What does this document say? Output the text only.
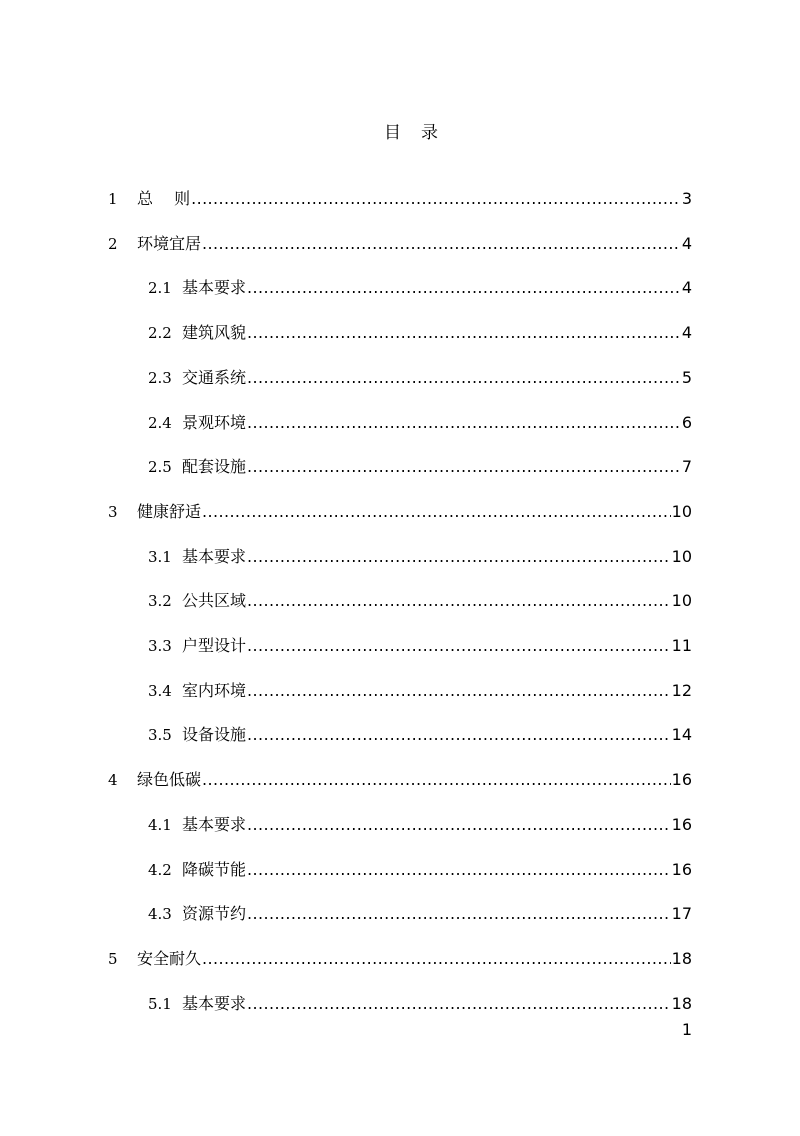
目 录
1	总 则 .....	3
2	环境宜居 .....	4
2.1 基本要求 .....	4
2.2 建筑风貌 .....	4
2.3 交通系统 .....	5
2.4 景观环境 .....	6
2.5 配套设施 .....	7
3	健康舒适 .....	10
3.1 基本要求 .....	10
3.2 公共区域 .....	10
3.3 户型设计 .....	11
3.4 室内环境 .....	12
3.5 设备设施 .....	14
4	绿色低碳 .....	16
4.1 基本要求 .....	16
4.2 降碳节能 .....	16
4.3 资源节约 .....	17
5	安全耐久 .....	18
5.1 基本要求 .....	18
1
